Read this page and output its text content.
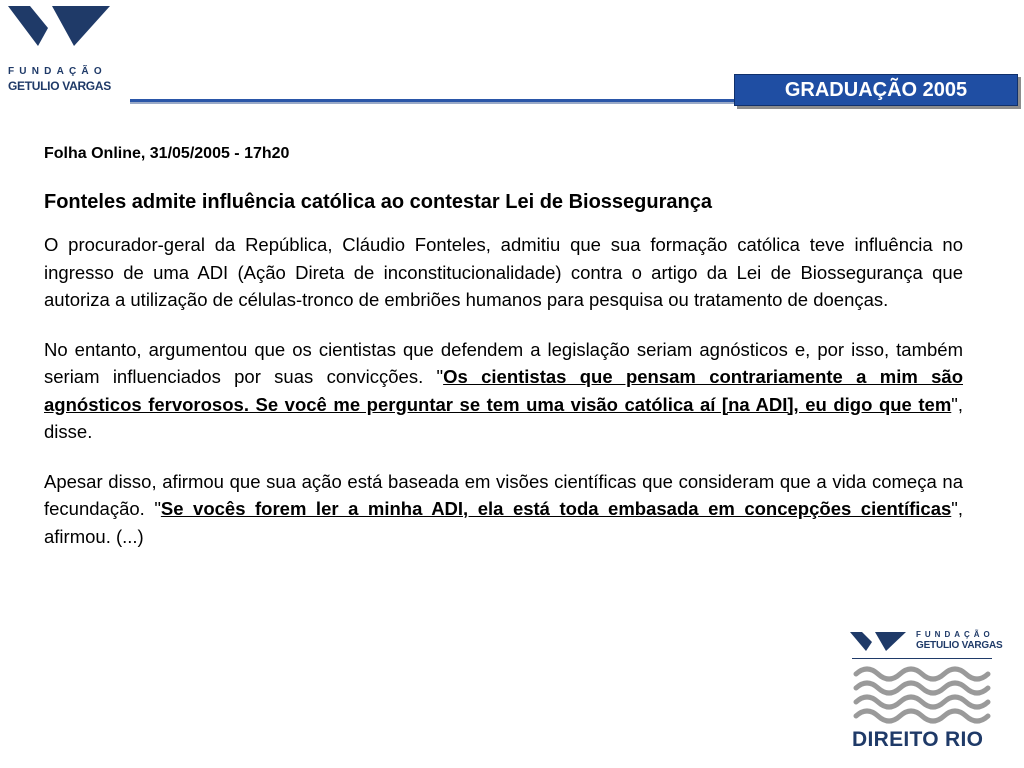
FUNDAÇÃO
GETULIO VARGAS	GRADUAÇÃO 2005

Folha Online, 31/05/2005 - 17h20

Fonteles admite influência católica ao contestar Lei de Biossegurança

O procurador-geral da República, Cláudio Fonteles, admitiu que sua formação católica teve influência no ingresso de uma ADI (Ação Direta de inconstitucionalidade) contra o artigo da Lei de Biossegurança que autoriza a utilização de células-tronco de embriões humanos para pesquisa ou tratamento de doenças.

No entanto, argumentou que os cientistas que defendem a legislação seriam agnósticos e, por isso, também seriam influenciados por suas convicções. "Os cientistas que pensam contrariamente a mim são agnósticos fervorosos. Se você me perguntar se tem uma visão católica aí [na ADI], eu digo que tem", disse.

Apesar disso, afirmou que sua ação está baseada em visões científicas que consideram que a vida começa na fecundação. "Se vocês forem ler a minha ADI, ela está toda embasada em concepções científicas", afirmou. (...)

FUNDAÇÃO
GETULIO VARGAS
DIREITO RIO
